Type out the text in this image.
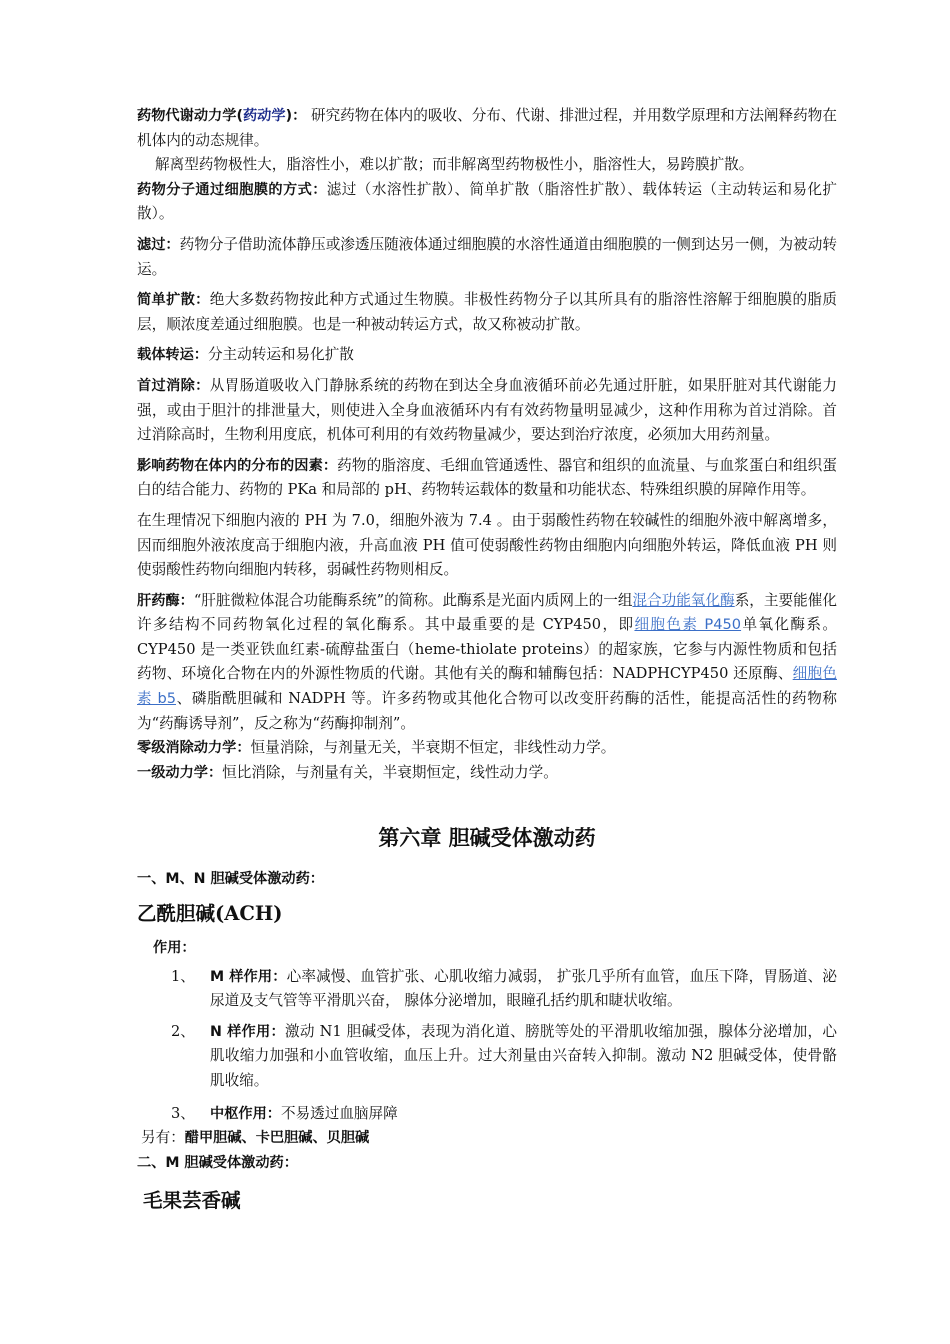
药物代谢动力学(药动学)： 研究药物在体内的吸收、分布、代谢、排泄过程，并用数学原理和方法阐释药物在机体内的动态规律。

解离型药物极性大，脂溶性小，难以扩散；而非解离型药物极性小，脂溶性大，易跨膜扩散。

药物分子通过细胞膜的方式：滤过（水溶性扩散）、简单扩散（脂溶性扩散）、载体转运（主动转运和易化扩散）。

滤过：药物分子借助流体静压或渗透压随液体通过细胞膜的水溶性通道由细胞膜的一侧到达另一侧，为被动转运。

简单扩散：绝大多数药物按此种方式通过生物膜。非极性药物分子以其所具有的脂溶性溶解于细胞膜的脂质层，顺浓度差通过细胞膜。也是一种被动转运方式，故又称被动扩散。

载体转运：分主动转运和易化扩散

首过消除：从胃肠道吸收入门静脉系统的药物在到达全身血液循环前必先通过肝脏，如果肝脏对其代谢能力强，或由于胆汁的排泄量大，则使进入全身血液循环内有有效药物量明显减少，这种作用称为首过消除。首过消除高时，生物利用度底，机体可利用的有效药物量减少，要达到治疗浓度，必须加大用药剂量。

影响药物在体内的分布的因素：药物的脂溶度、毛细血管通透性、器官和组织的血流量、与血浆蛋白和组织蛋白的结合能力、药物的 PKa 和局部的 pH、药物转运载体的数量和功能状态、特殊组织膜的屏障作用等。

在生理情况下细胞内液的 PH 为 7.0，细胞外液为 7.4 。由于弱酸性药物在较碱性的细胞外液中解离增多，因而细胞外液浓度高于细胞内液，升高血液 PH 值可使弱酸性药物由细胞内向细胞外转运，降低血液 PH 则使弱酸性药物向细胞内转移，弱碱性药物则相反。

肝药酶：“肝脏微粒体混合功能酶系统”的简称。此酶系是光面内质网上的一组混合功能氧化酶系，主要能催化许多结构不同药物氧化过程的氧化酶系。其中最重要的是 CYP450，即细胞色素 P450单氧化酶系。CYP450 是一类亚铁血红素-硫醇盐蛋白（heme-thiolate proteins）的超家族，它参与内源性物质和包括药物、环境化合物在内的外源性物质的代谢。其他有关的酶和辅酶包括：NADPHCYP450 还原酶、细胞色素 b5、磷脂酰胆碱和 NADPH 等。许多药物或其他化合物可以改变肝药酶的活性，能提高活性的药物称为“药酶诱导剂”，反之称为“药酶抑制剂”。

零级消除动力学：恒量消除，与剂量无关，半衰期不恒定，非线性动力学。

一级动力学：恒比消除，与剂量有关，半衰期恒定，线性动力学。

第六章 胆碱受体激动药

一、M、N 胆碱受体激动药：

乙酰胆碱(ACH)

作用：

1、 M 样作用：心率减慢、血管扩张、心肌收缩力减弱， 扩张几乎所有血管，血压下降，胃肠道、泌尿道及支气管等平滑肌兴奋， 腺体分泌增加，眼瞳孔括约肌和睫状收缩。
2、 N 样作用：激动 N1 胆碱受体，表现为消化道、膀胱等处的平滑肌收缩加强，腺体分泌增加，心肌收缩力加强和小血管收缩，血压上升。过大剂量由兴奋转入抑制。激动 N2 胆碱受体，使骨骼肌收缩。
3、 中枢作用：不易透过血脑屏障

另有：醋甲胆碱、卡巴胆碱、贝胆碱

二、M 胆碱受体激动药：

毛果芸香碱
